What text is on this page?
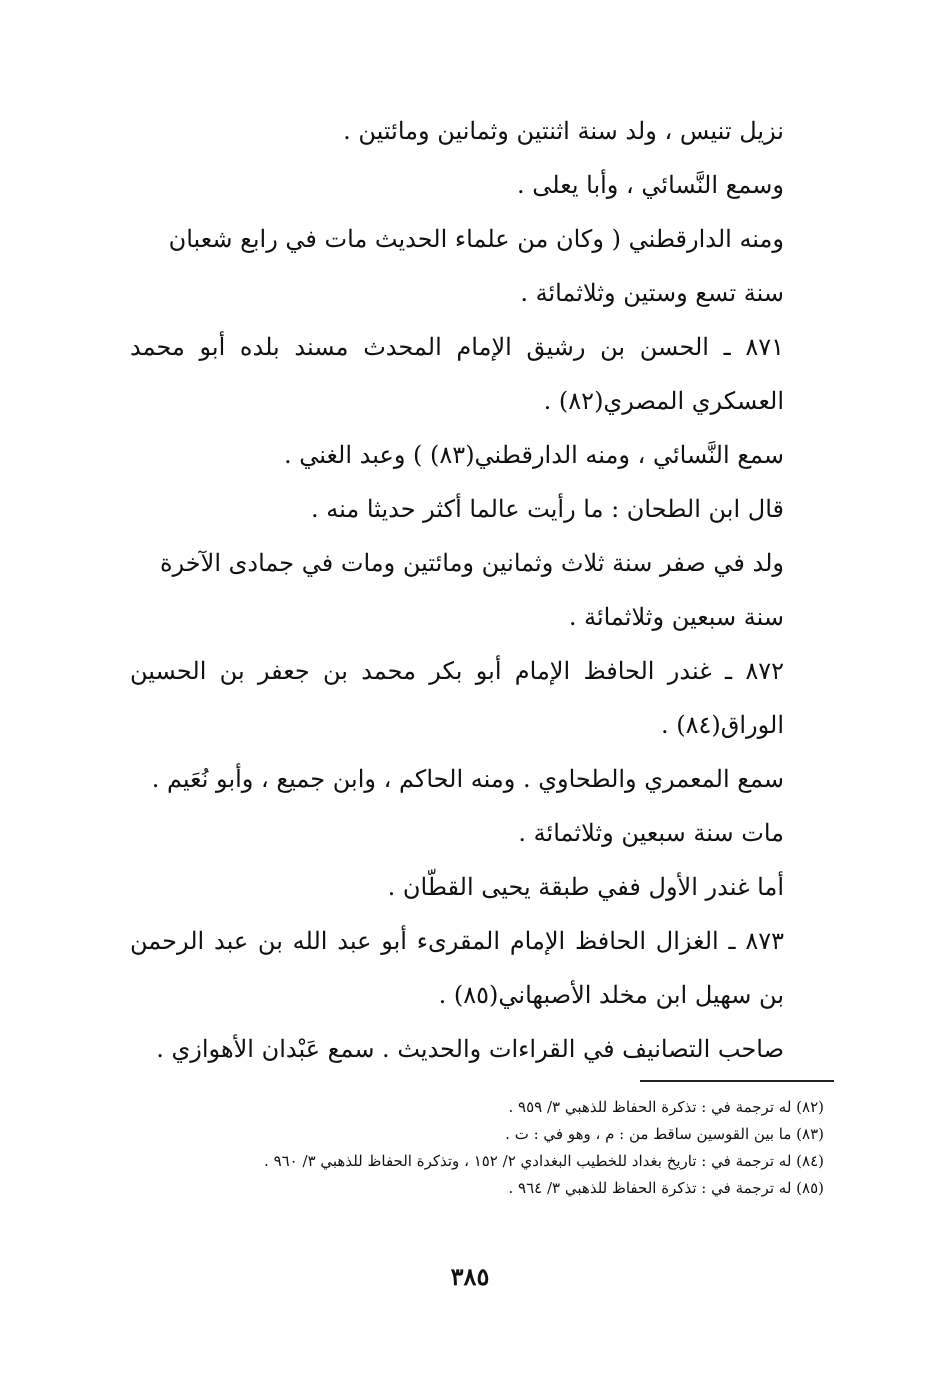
نزيل تنيس ، ولد سنة اثنتين وثمانين ومائتين .

وسمع النَّسائي ، وأبا يعلى .

ومنه الدارقطني ( وكان من علماء الحديث مات في رابع شعبان سنة تسع وستين وثلاثمائة .

٨٧١ ـ الحسن بن رشيق الإمام المحدث مسند بلده أبو محمد العسكري المصري(٨٢) .

سمع النَّسائي ، ومنه الدارقطني(٨٣) ) وعبد الغني .

قال ابن الطحان : ما رأيت عالما أكثر حديثا منه .

ولد في صفر سنة ثلاث وثمانين ومائتين ومات في جمادى الآخرة سنة سبعين وثلاثمائة .

٨٧٢ ـ غندر الحافظ الإمام أبو بكر محمد بن جعفر بن الحسين الوراق(٨٤) .

سمع المعمري والطحاوي . ومنه الحاكم ، وابن جميع ، وأبو نُعَيم . مات سنة سبعين وثلاثمائة .

أما غندر الأول ففي طبقة يحيى القطّان .

٨٧٣ ـ الغزال الحافظ الإمام المقرىء أبو عبد الله بن عبد الرحمن بن سهيل ابن مخلد الأصبهاني(٨٥) .

صاحب التصانيف في القراءات والحديث . سمع عَبْدان الأهوازي .

(٨٢) له ترجمة في : تذكرة الحفاظ للذهبي ٣/ ٩٥٩ .

(٨٣) ما بين القوسين ساقط من : م ، وهو في : ت .

(٨٤) له ترجمة في : تاريخ بغداد للخطيب البغدادي ٢/ ١٥٢ ، وتذكرة الحفاظ للذهبي ٣/ ٩٦٠ .

(٨٥) له ترجمة في : تذكرة الحفاظ للذهبي ٣/ ٩٦٤ .

٣٨٥
